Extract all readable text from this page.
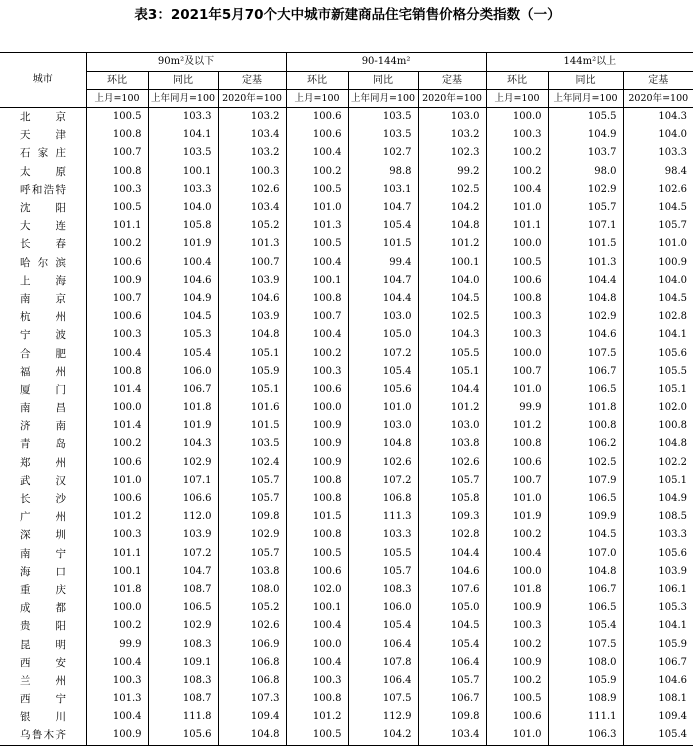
表3：2021年5月70个大中城市新建商品住宅销售价格分类指数（一）
城市	90m²及以下			90-144m²			144m²以上		
	环比	同比	定基	环比	同比	定基	环比	同比	定基
	上月=100	上年同月=100	2020年=100	上月=100	上年同月=100	2020年=100	上月=100	上年同月=100	2020年=100
北京	100.5	103.3	103.2	100.6	103.5	103.0	100.0	105.5	104.3
天津	100.8	104.1	103.4	100.6	103.5	103.2	100.3	104.9	104.0
石家庄	100.7	103.5	103.2	100.4	102.7	102.3	100.2	103.7	103.3
太原	100.8	100.1	100.3	100.2	98.8	99.2	100.2	98.0	98.4
呼和浩特	100.3	103.3	102.6	100.5	103.1	102.5	100.4	102.9	102.6
沈阳	100.5	104.0	103.4	101.0	104.7	104.2	101.0	105.7	104.5
大连	101.1	105.8	105.2	101.3	105.4	104.8	101.1	107.1	105.7
长春	100.2	101.9	101.3	100.5	101.5	101.2	100.0	101.5	101.0
哈尔滨	100.6	100.4	100.7	100.4	99.4	100.1	100.5	101.3	100.9
上海	100.9	104.6	103.9	100.1	104.7	104.0	100.6	104.4	104.0
南京	100.7	104.9	104.6	100.8	104.4	104.5	100.8	104.8	104.5
杭州	100.6	104.5	103.9	100.7	103.0	102.5	100.3	102.9	102.8
宁波	100.3	105.3	104.8	100.4	105.0	104.3	100.3	104.6	104.1
合肥	100.4	105.4	105.1	100.2	107.2	105.5	100.0	107.5	105.6
福州	100.8	106.0	105.9	100.3	105.4	105.1	100.7	106.7	105.5
厦门	101.4	106.7	105.1	100.6	105.6	104.4	101.0	106.5	105.1
南昌	100.0	101.8	101.6	100.0	101.0	101.2	99.9	101.8	102.0
济南	101.4	101.9	101.5	100.9	103.0	103.0	101.2	100.8	100.8
青岛	100.2	104.3	103.5	100.9	104.8	103.8	100.8	106.2	104.8
郑州	100.6	102.9	102.4	100.9	102.6	102.6	100.6	102.5	102.2
武汉	101.0	107.1	105.7	100.8	107.2	105.7	100.7	107.9	105.1
长沙	100.6	106.6	105.7	100.8	106.8	105.8	101.0	106.5	104.9
广州	101.2	112.0	109.8	101.5	111.3	109.3	101.9	109.9	108.5
深圳	100.3	103.9	102.9	100.8	103.3	102.8	100.2	104.5	103.3
南宁	101.1	107.2	105.7	100.5	105.5	104.4	100.4	107.0	105.6
海口	100.1	104.7	103.8	100.6	105.7	104.6	100.0	104.8	103.9
重庆	101.8	108.7	108.0	102.0	108.3	107.6	101.8	106.7	106.1
成都	100.0	106.5	105.2	100.1	106.0	105.0	100.9	106.5	105.3
贵阳	100.2	102.9	102.6	100.4	105.4	104.5	100.3	105.4	104.1
昆明	99.9	108.3	106.9	100.0	106.4	105.4	100.2	107.5	105.9
西安	100.4	109.1	106.8	100.4	107.8	106.4	100.9	108.0	106.7
兰州	100.3	108.3	106.8	100.3	106.4	105.7	100.2	105.9	104.6
西宁	101.3	108.7	107.3	100.8	107.5	106.7	100.5	108.9	108.1
银川	100.4	111.8	109.4	101.2	112.9	109.8	100.6	111.1	109.4
乌鲁木齐	100.9	105.6	104.8	100.5	104.2	103.4	101.0	106.3	105.4
